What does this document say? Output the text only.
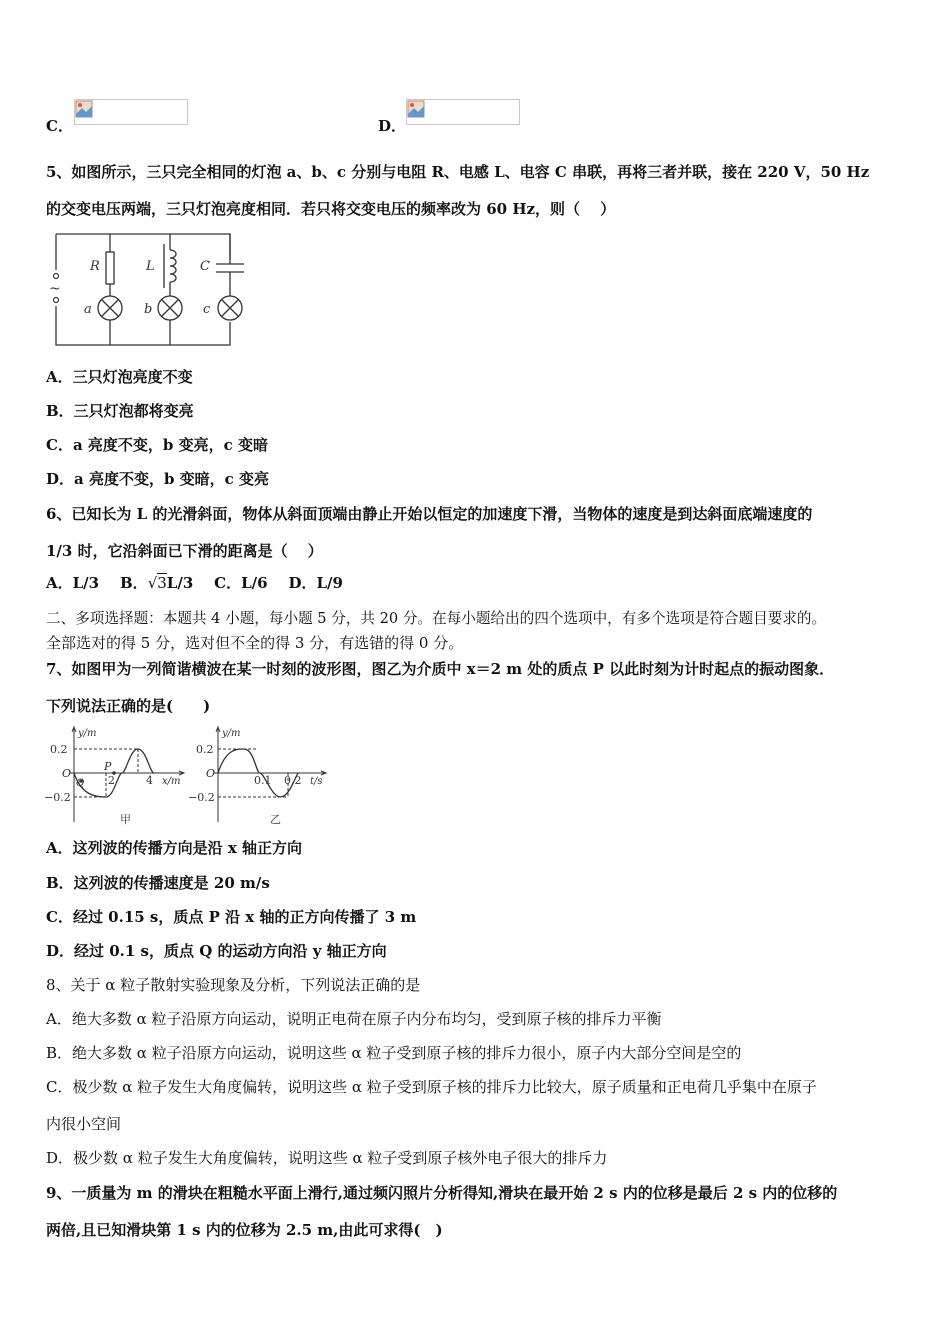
C．	D．
5、如图所示，三只完全相同的灯泡 a、b、c 分别与电阻 R、电感 L、电容 C 串联，再将三者并联，接在 220 V，50 Hz
的交变电压两端，三只灯泡亮度相同．若只将交变电压的频率改为 60 Hz，则（　 ）
~
R	L	C
a	b	c
A．三只灯泡亮度不变
B．三只灯泡都将变亮
C．a 亮度不变，b 变亮，c 变暗
D．a 亮度不变，b 变暗，c 变亮
6、已知长为 L 的光滑斜面，物体从斜面顶端由静止开始以恒定的加速度下滑，当物体的速度是到达斜面底端速度的
1/3 时，它沿斜面已下滑的距离是（　 ）
A．L/3 B．√3L/3 C．L/6 D．L/9
二、多项选择题：本题共 4 小题，每小题 5 分，共 20 分。在每小题给出的四个选项中，有多个选项是符合题目要求的。
全部选对的得 5 分，选对但不全的得 3 分，有选错的得 0 分。
7、如图甲为一列简谐横波在某一时刻的波形图，图乙为介质中 x＝2 m 处的质点 P 以此时刻为计时起点的振动图象．
下列说法正确的是(　　)
y/m
0.2
−0.2
O
Q
P
2	4 x/m
甲
y/m
0.2
−0.2
O
0.1 0.2 t/s
乙
A．这列波的传播方向是沿 x 轴正方向
B．这列波的传播速度是 20 m/s
C．经过 0.15 s，质点 P 沿 x 轴的正方向传播了 3 m
D．经过 0.1 s，质点 Q 的运动方向沿 y 轴正方向
8、关于 α 粒子散射实验现象及分析，下列说法正确的是
A．绝大多数 α 粒子沿原方向运动，说明正电荷在原子内分布均匀，受到原子核的排斥力平衡
B．绝大多数 α 粒子沿原方向运动，说明这些 α 粒子受到原子核的排斥力很小，原子内大部分空间是空的
C．极少数 α 粒子发生大角度偏转，说明这些 α 粒子受到原子核的排斥力比较大，原子质量和正电荷几乎集中在原子
内很小空间
D．极少数 α 粒子发生大角度偏转，说明这些 α 粒子受到原子核外电子很大的排斥力
9、一质量为 m 的滑块在粗糙水平面上滑行,通过频闪照片分析得知,滑块在最开始 2 s 内的位移是最后 2 s 内的位移的
两倍,且已知滑块第 1 s 内的位移为 2.5 m,由此可求得(　)
